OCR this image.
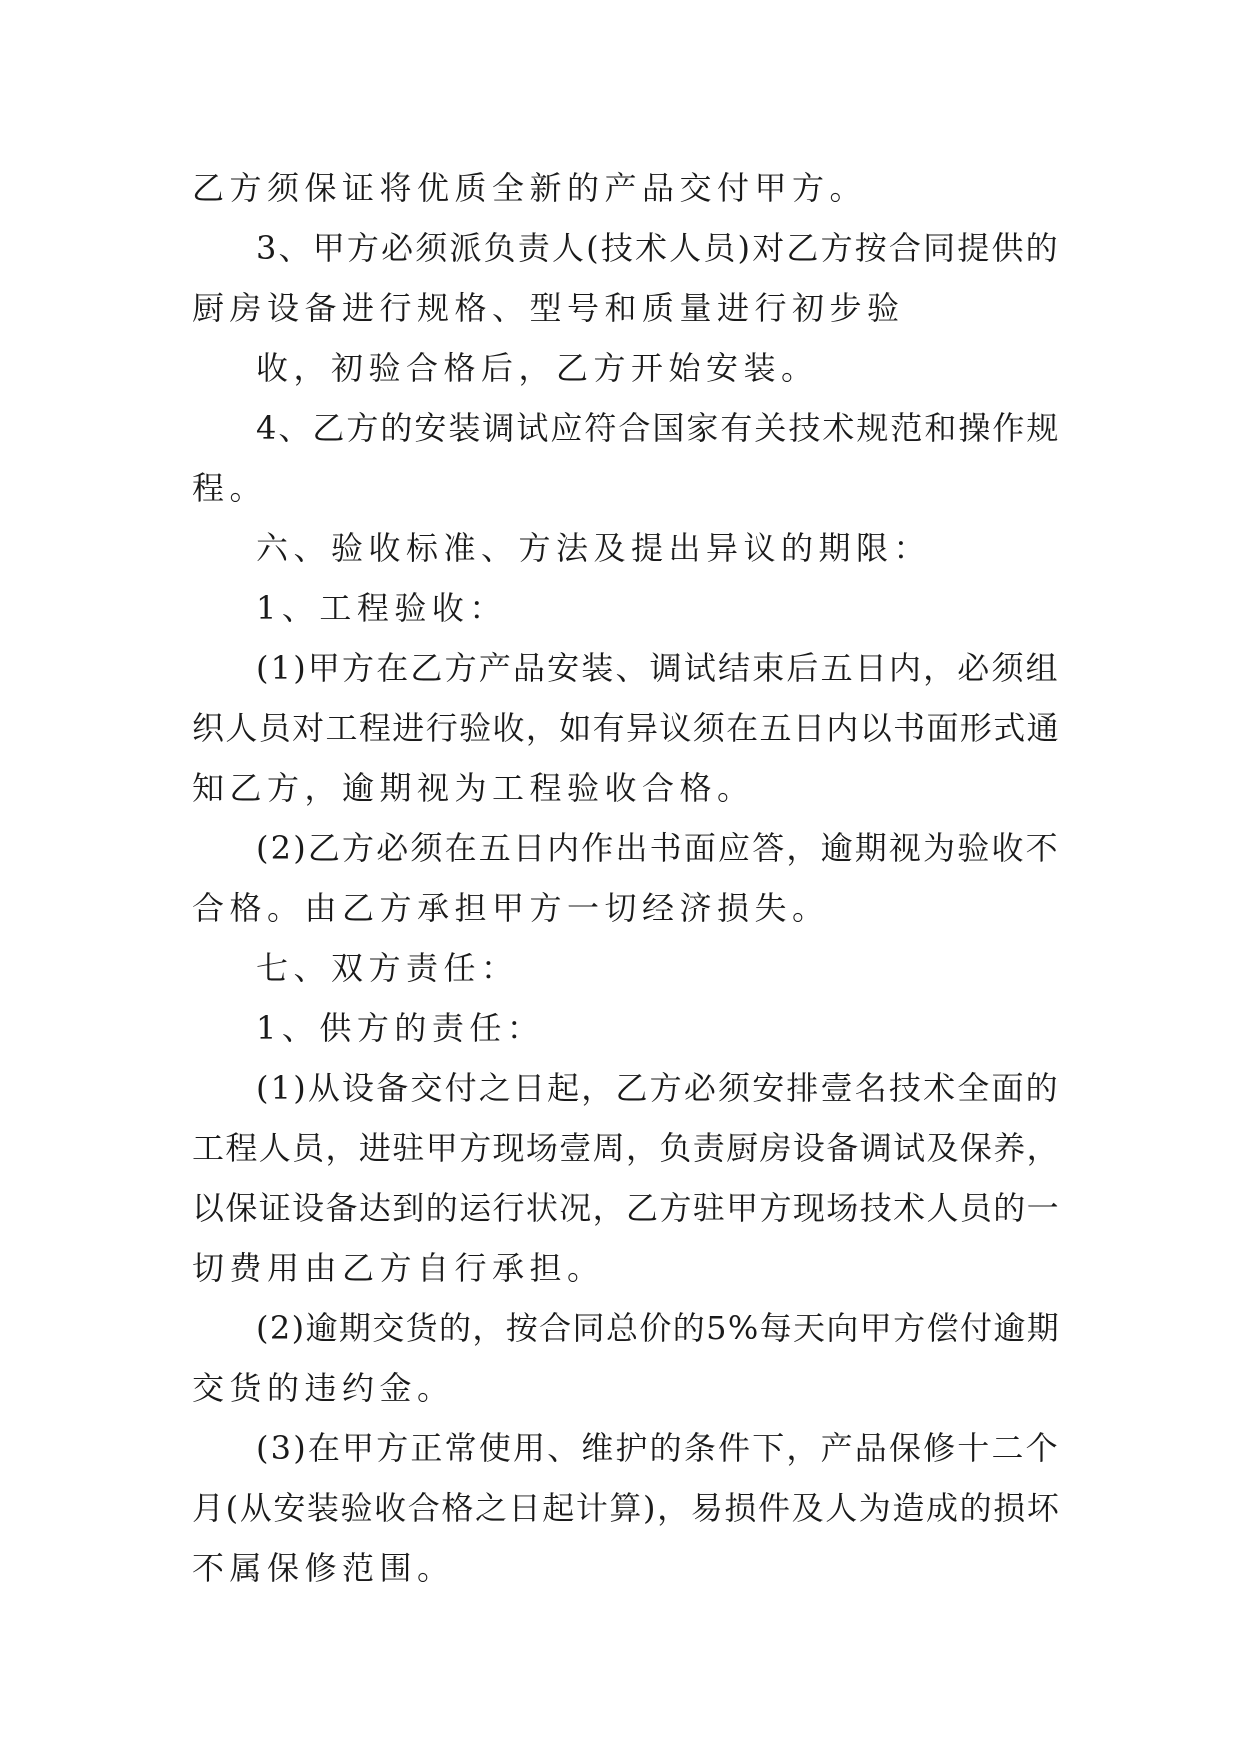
乙方须保证将优质全新的产品交付甲方。
3、甲方必须派负责人(技术人员)对乙方按合同提供的
厨房设备进行规格、型号和质量进行初步验
收，初验合格后，乙方开始安装。
4、乙方的安装调试应符合国家有关技术规范和操作规
程。
六、验收标准、方法及提出异议的期限：
1、工程验收：
(1)甲方在乙方产品安装、调试结束后五日内，必须组
织人员对工程进行验收，如有异议须在五日内以书面形式通
知乙方，逾期视为工程验收合格。
(2)乙方必须在五日内作出书面应答，逾期视为验收不
合格。由乙方承担甲方一切经济损失。
七、双方责任：
1、供方的责任：
(1)从设备交付之日起，乙方必须安排壹名技术全面的
工程人员，进驻甲方现场壹周，负责厨房设备调试及保养，
以保证设备达到的运行状况，乙方驻甲方现场技术人员的一
切费用由乙方自行承担。
(2)逾期交货的，按合同总价的5%每天向甲方偿付逾期
交货的违约金。
(3)在甲方正常使用、维护的条件下，产品保修十二个
月(从安装验收合格之日起计算)，易损件及人为造成的损坏
不属保修范围。
